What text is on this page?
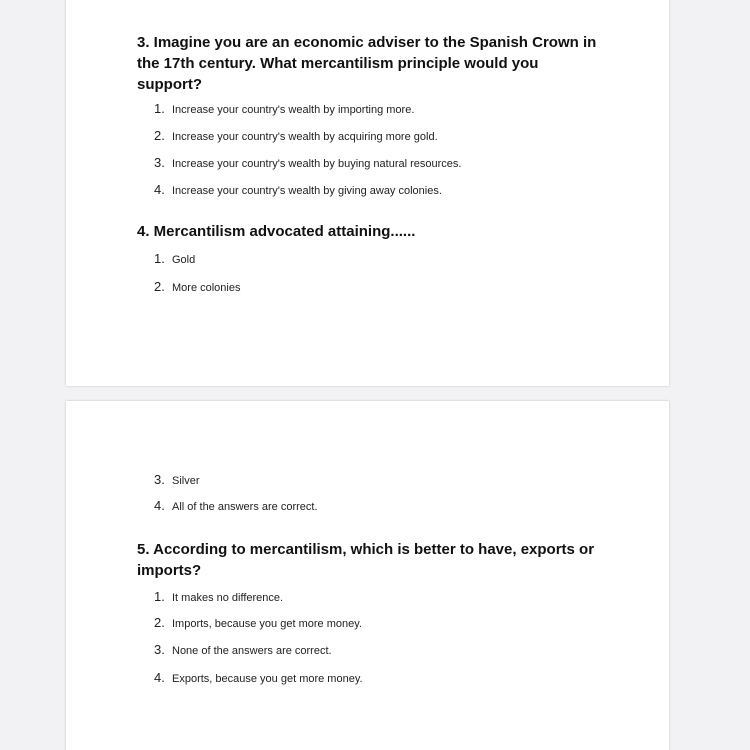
3. Imagine you are an economic adviser to the Spanish Crown in the 17th century. What mercantilism principle would you support?
1. Increase your country's wealth by importing more.
2. Increase your country's wealth by acquiring more gold.
3. Increase your country's wealth by buying natural resources.
4. Increase your country's wealth by giving away colonies.
4. Mercantilism advocated attaining......
1. Gold
2. More colonies
3. Silver
4. All of the answers are correct.
5. According to mercantilism, which is better to have, exports or imports?
1. It makes no difference.
2. Imports, because you get more money.
3. None of the answers are correct.
4. Exports, because you get more money.
